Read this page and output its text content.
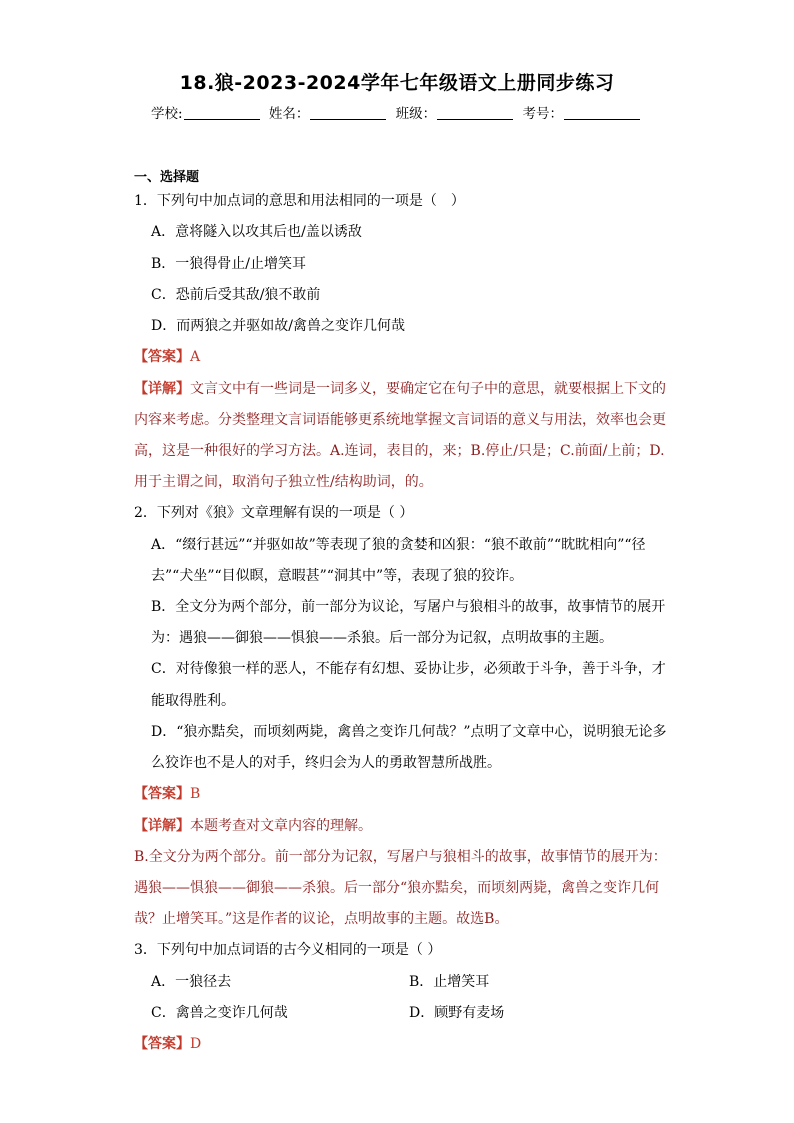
18.狼-2023-2024学年七年级语文上册同步练习
学校:	姓名：	班级：	考号：
一、选择题
1．下列句中加点词的意思和用法相同的一项是（　）
A．意将隧入以攻其后也/盖以诱敌
B．一狼得骨止/止增笑耳
C．恐前后受其敌/狼不敢前
D．而两狼之并驱如故/禽兽之变诈几何哉
【答案】A
【详解】文言文中有一些词是一词多义，要确定它在句子中的意思，就要根据上下文的
内容来考虑。分类整理文言词语能够更系统地掌握文言词语的意义与用法，效率也会更
高，这是一种很好的学习方法。A.连词，表目的，来；B.停止/只是；C.前面/上前；D.
用于主谓之间，取消句子独立性/结构助词，的。
2．下列对《狼》文章理解有误的一项是（ ）
A．“缀行甚远”“并驱如故”等表现了狼的贪婪和凶狠：“狼不敢前”“眈眈相向”“径
去”“犬坐”“目似瞑，意暇甚”“洞其中”等，表现了狼的狡诈。
B．全文分为两个部分，前一部分为议论，写屠户与狼相斗的故事，故事情节的展开
为：遇狼——御狼——惧狼——杀狼。后一部分为记叙，点明故事的主题。
C．对待像狼一样的恶人，不能存有幻想、妥协让步，必须敢于斗争，善于斗争，才
能取得胜利。
D．“狼亦黠矣，而顷刻两毙，禽兽之变诈几何哉？”点明了文章中心，说明狼无论多
么狡诈也不是人的对手，终归会为人的勇敢智慧所战胜。
【答案】B
【详解】本题考查对文章内容的理解。
B.全文分为两个部分。前一部分为记叙，写屠户与狼相斗的故事，故事情节的展开为：
遇狼——惧狼——御狼——杀狼。后一部分“狼亦黠矣，而顷刻两毙，禽兽之变诈几何
哉？止增笑耳。”这是作者的议论，点明故事的主题。故选B。
3．下列句中加点词语的古今义相同的一项是（ ）
A．一狼径去	B．止增笑耳
C．禽兽之变诈几何哉	D．顾野有麦场
【答案】D
